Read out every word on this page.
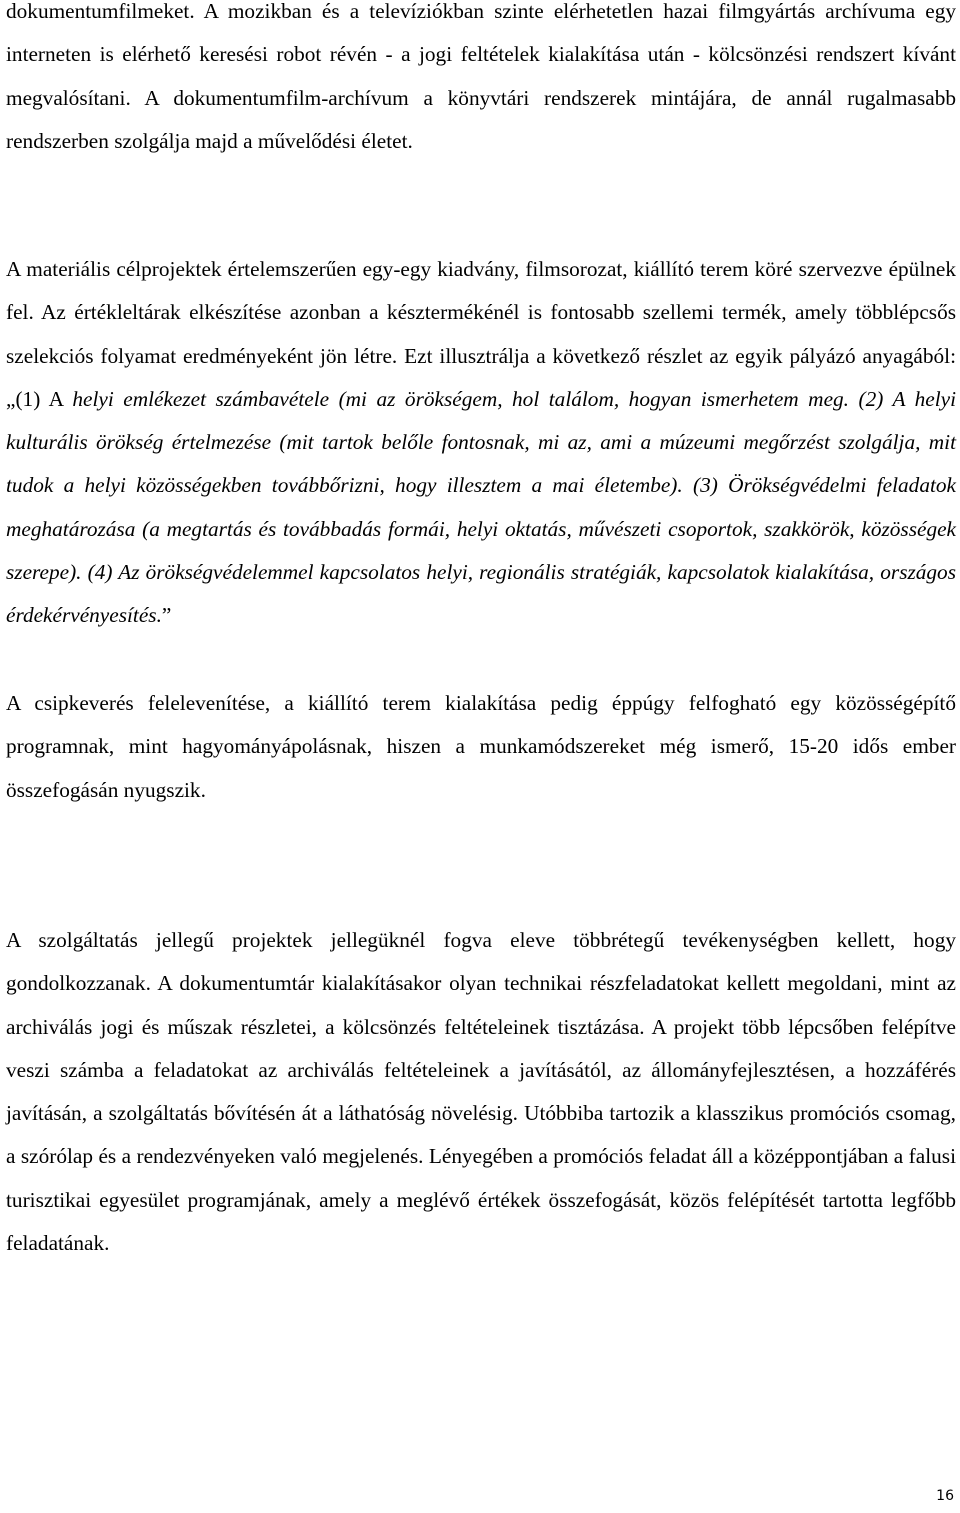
dokumentumfilmeket. A mozikban és a televíziókban szinte elérhetetlen hazai filmgyártás archívuma egy interneten is elérhető keresési robot révén - a jogi feltételek kialakítása után - kölcsönzési rendszert kívánt megvalósítani. A dokumentumfilm-archívum a könyvtári rendszerek mintájára, de annál rugalmasabb rendszerben szolgálja majd a művelődési életet.

A materiális célprojektek értelemszerűen egy-egy kiadvány, filmsorozat, kiállító terem köré szervezve épülnek fel. Az értékleltárak elkészítése azonban a késztermékénél is fontosabb szellemi termék, amely többlépcsős szelekciós folyamat eredményeként jön létre. Ezt illusztrálja a következő részlet az egyik pályázó anyagából: „(1) A helyi emlékezet számbavétele (mi az örökségem, hol találom, hogyan ismerhetem meg. (2) A helyi kulturális örökség értelmezése (mit tartok belőle fontosnak, mi az, ami a múzeumi megőrzést szolgálja, mit tudok a helyi közösségekben továbbőrizni, hogy illesztem a mai életembe). (3) Örökségvédelmi feladatok meghatározása (a megtartás és továbbadás formái, helyi oktatás, művészeti csoportok, szakkörök, közösségek szerepe). (4) Az örökségvédelemmel kapcsolatos helyi, regionális stratégiák, kapcsolatok kialakítása, országos érdekérvényesítés.”

A csipkeverés felelevenítése, a kiállító terem kialakítása pedig éppúgy felfogható egy közösségépítő programnak, mint hagyományápolásnak, hiszen a munkamódszereket még ismerő, 15-20 idős ember összefogásán nyugszik.

A szolgáltatás jellegű projektek jellegüknél fogva eleve többrétegű tevékenységben kellett, hogy gondolkozzanak. A dokumentumtár kialakításakor olyan technikai részfeladatokat kellett megoldani, mint az archiválás jogi és műszak részletei, a kölcsönzés feltételeinek tisztázása. A projekt több lépcsőben felépítve veszi számba a feladatokat az archiválás feltételeinek a javításától, az állományfejlesztésen, a hozzáférés javításán, a szolgáltatás bővítésén át a láthatóság növelésig. Utóbbiba tartozik a klasszikus promóciós csomag, a szórólap és a rendezvényeken való megjelenés. Lényegében a promóciós feladat áll a középpontjában a falusi turisztikai egyesület programjának, amely a meglévő értékek összefogását, közös felépítését tartotta legfőbb feladatának.

16
